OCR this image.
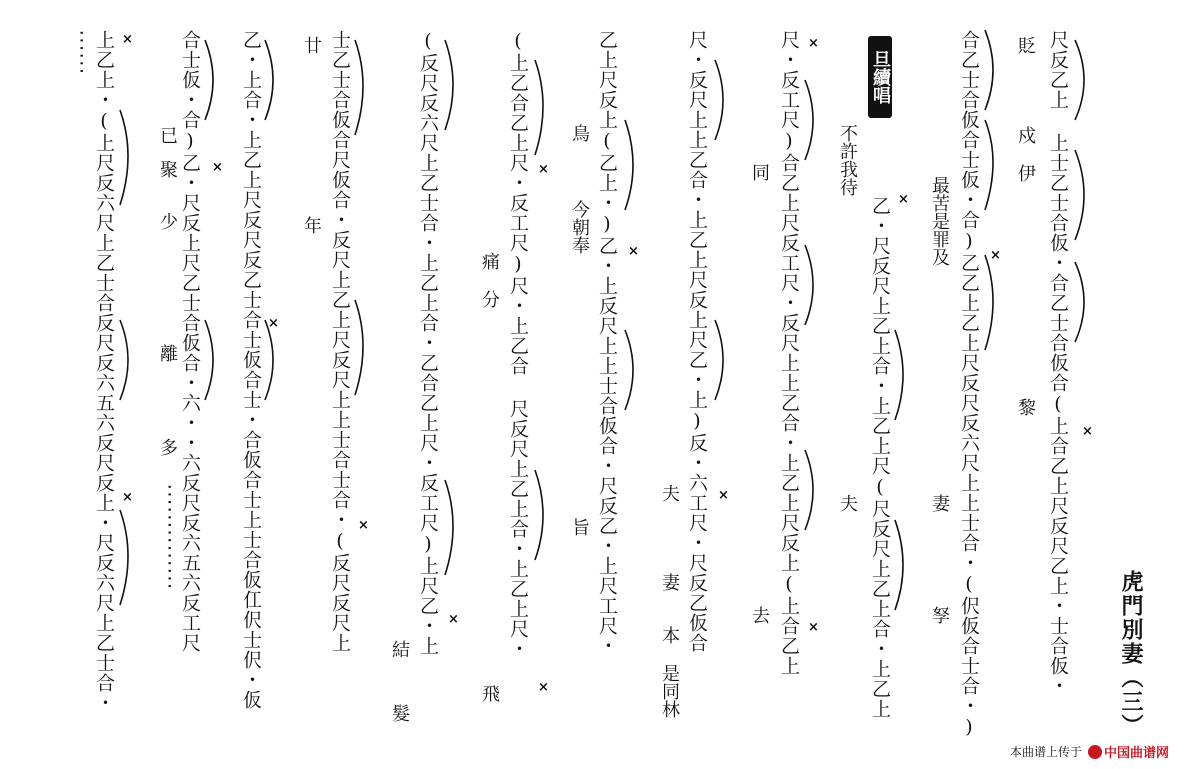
虎門別妻（三）
尺反乙上 上士乙士合仮・合乙士合仮合(上合乙上尺反尺乙上・士合仮・
合乙士合仮合士仮・合)乙乙上乙上尺反尺反六尺上上士合・(伬仮合士合・)
乙・尺反尺上乙上合・上乙上尺(尺反尺上乙上合・上乙上
尺・反工尺)合乙上尺反工尺・反尺上上乙合・上乙上尺反上(上合乙上
尺・反尺上上乙合・上乙上尺反上尺乙・上)反・六工尺・尺反乙仮合
乙上尺反上(乙上・)乙・上反尺上上士合仮合・尺反乙・上尺工尺・
(上乙合乙上尺・反工尺)尺・上乙合 尺反尺上乙上合・上乙上尺・
(反尺反六尺上乙士合・上乙上合・乙合乙上尺・反工尺)上尺乙・上
士乙士合仮合尺仮合・反尺上乙上尺反尺上上士合士合・(反尺反尺上
乙・上合・上乙上尺反尺反乙士合士仮合士・合仮合士上士合仮仜伬士伬・仮
合士仮・合)乙・尺反上尺乙士合仮合・六・・六反尺反六五六反工尺
上乙上・(上尺反六尺上乙士合反尺反六五六反尺反上・尺反六尺上乙士合・	旦續唱
貶
戍
伊
黎
最苦是罪及
妻
孥
不許我待
夫
同
去
夫
妻
本
是同林
鳥
今朝奉
旨
痛
分
飛
結
髮
廿
年
已
聚
少
離
多
··············
······
×
×
×
×
×
×
×
×
×
×
×
×
×
×
×
本曲谱上传于 中国曲谱网
